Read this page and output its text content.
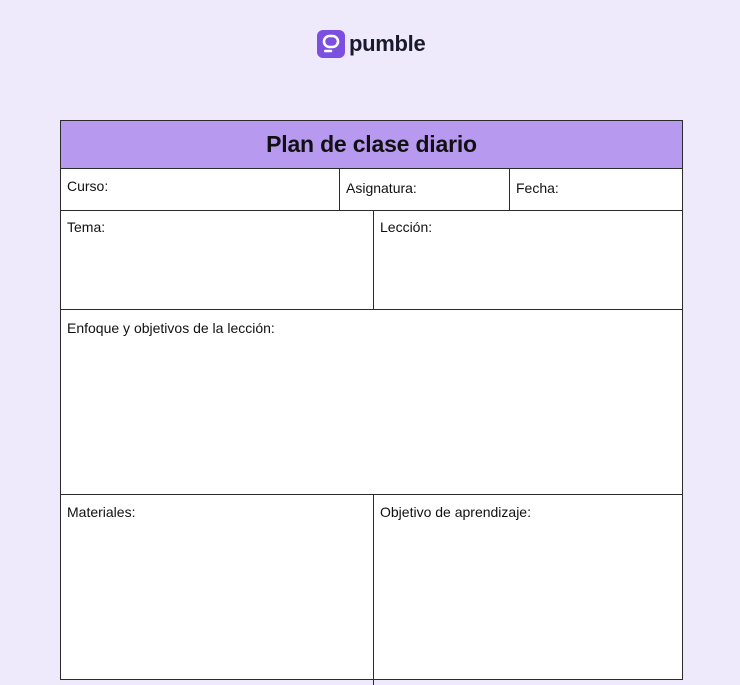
pumble
Plan de clase diario
Curso:	Asignatura:	Fecha:
Tema:	Lección:
Enfoque y objetivos de la lección:
Materiales:	Objetivo de aprendizaje:
